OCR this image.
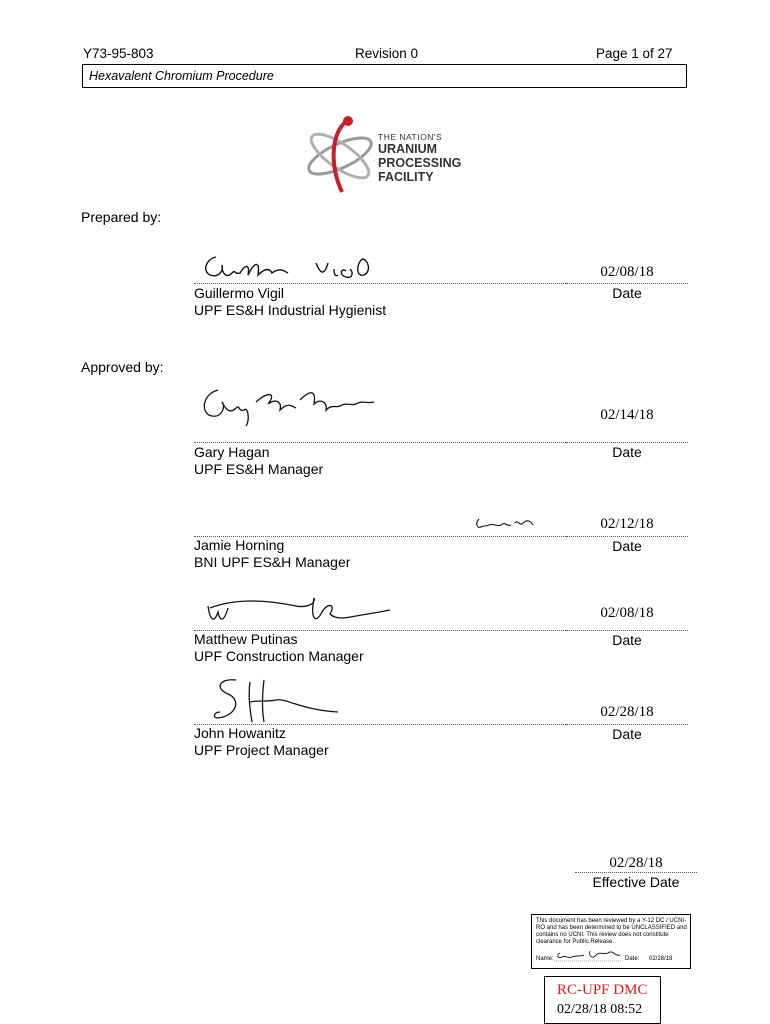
Y73-95-803	Revision 0	Page 1 of 27
Hexavalent Chromium Procedure
THE NATION'S
URANIUM
PROCESSING
FACILITY
Prepared by:
02/08/18
Date
Guillermo Vigil
UPF ES&H Industrial Hygienist
Approved by:
02/14/18
Date
Gary Hagan
UPF ES&H Manager
02/12/18
Date
Jamie Horning
BNI UPF ES&H Manager
02/08/18
Date
Matthew Putinas
UPF Construction Manager
02/28/18
Date
John Howanitz
UPF Project Manager
02/28/18
Effective Date
This document has been reviewed by a Y-12 DC / UCNI-RO and has been determined to be UNCLASSIFIED and contains no UCNI. This review does not constitute clearance for Public Release.
Name:	Date: 02/28/18
RC-UPF DMC
02/28/18 08:52
